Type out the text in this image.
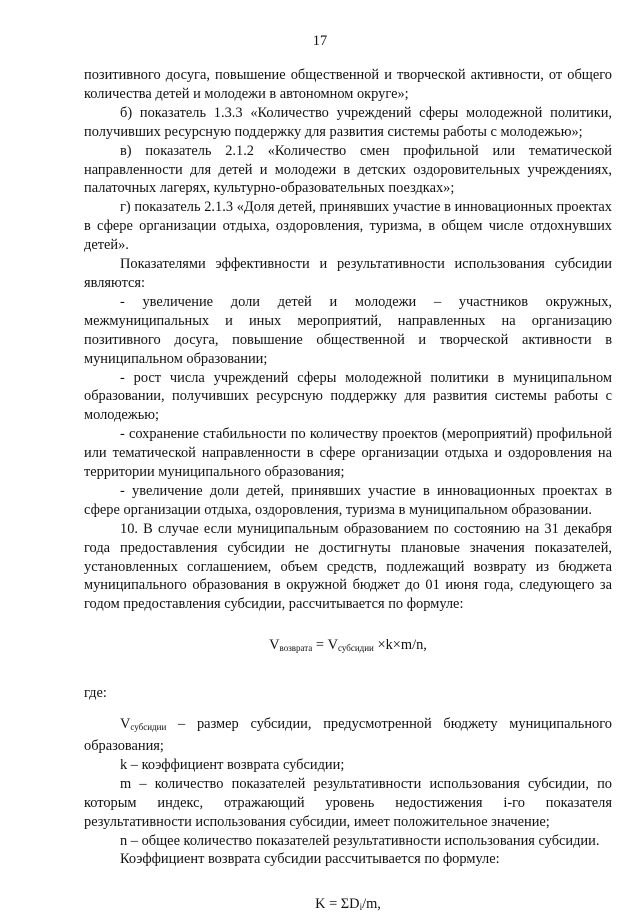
17

позитивного досуга, повышение общественной и творческой активности, от общего количества детей и молодежи в автономном округе»;

б) показатель 1.3.3 «Количество учреждений сферы молодежной политики, получивших ресурсную поддержку для развития системы работы с молодежью»;

в) показатель 2.1.2 «Количество смен профильной или тематической направленности для детей и молодежи в детских оздоровительных учреждениях, палаточных лагерях, культурно-образовательных поездках»;

г) показатель 2.1.3 «Доля детей, принявших участие в инновационных проектах в сфере организации отдыха, оздоровления, туризма, в общем числе отдохнувших детей».

Показателями эффективности и результативности использования субсидии являются:

- увеличение доли детей и молодежи – участников окружных, межмуниципальных и иных мероприятий, направленных на организацию позитивного досуга, повышение общественной и творческой активности в муниципальном образовании;

- рост числа учреждений сферы молодежной политики в муниципальном образовании, получивших ресурсную поддержку для развития системы работы с молодежью;

- сохранение стабильности по количеству проектов (мероприятий) профильной или тематической направленности в сфере организации отдыха и оздоровления на территории муниципального образования;

- увеличение доли детей, принявших участие в инновационных проектах в сфере организации отдыха, оздоровления, туризма в муниципальном образовании.

10. В случае если муниципальным образованием по состоянию на 31 декабря года предоставления субсидии не достигнуты плановые значения показателей, установленных соглашением, объем средств, подлежащий возврату из бюджета муниципального образования в окружной бюджет до 01 июня года, следующего за годом предоставления субсидии, рассчитывается по формуле:

$V_{возврата} = V_{субсидии} \times k\times m/n$,

где:

$V_{субсидии}$ – размер субсидии, предусмотренной бюджету муниципального образования;

k – коэффициент возврата субсидии;

m – количество показателей результативности использования субсидии, по которым индекс, отражающий уровень недостижения i-го показателя результативности использования субсидии, имеет положительное значение;

n – общее количество показателей результативности использования субсидии.

Коэффициент возврата субсидии рассчитывается по формуле:

$K = \Sigma D_i/m$,
